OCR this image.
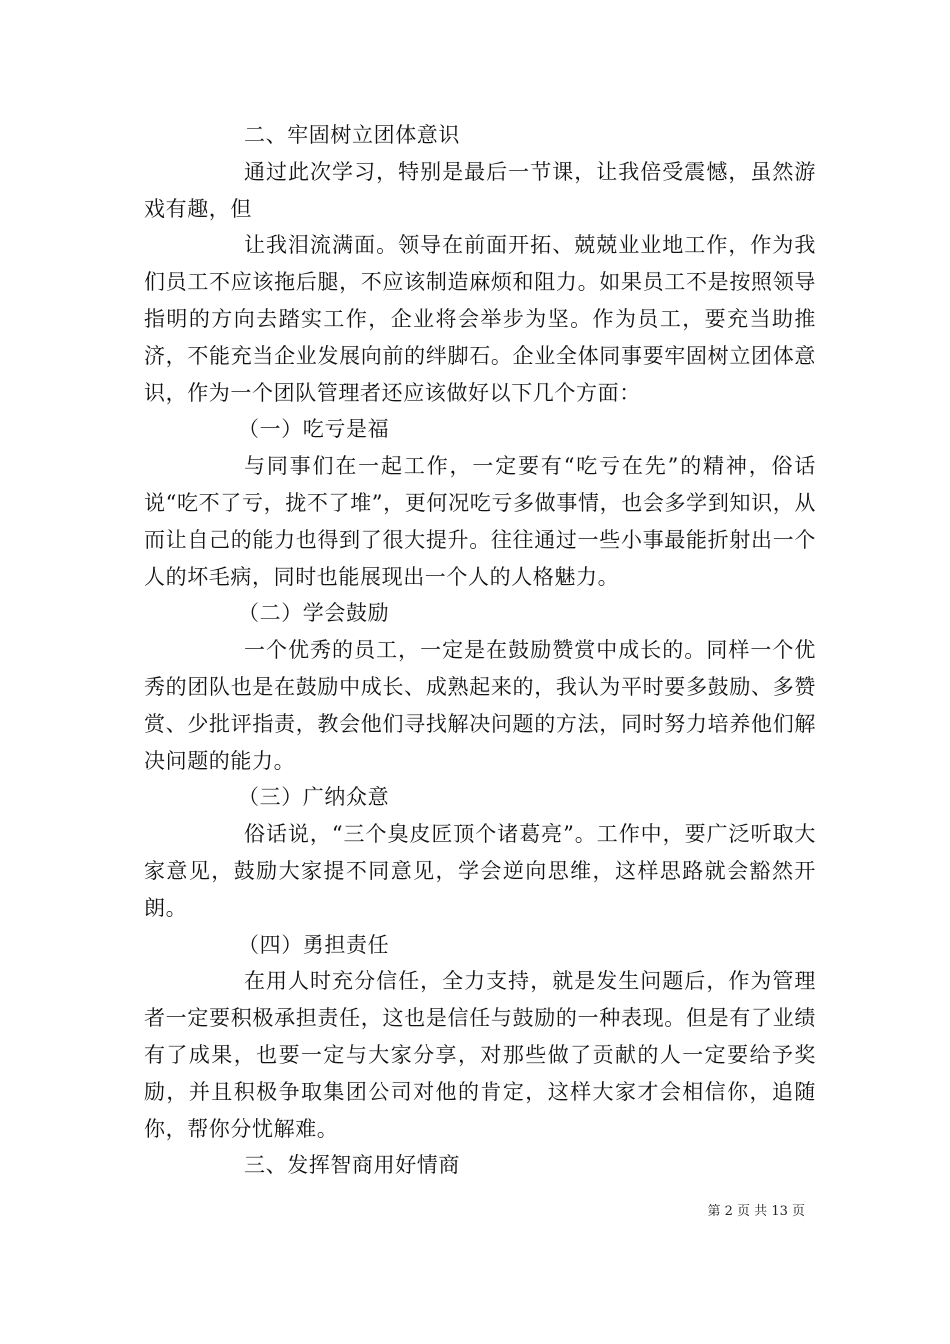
二、牢固树立团体意识

通过此次学习，特别是最后一节课，让我倍受震憾，虽然游戏有趣，但

让我泪流满面。领导在前面开拓、兢兢业业地工作，作为我们员工不应该拖后腿，不应该制造麻烦和阻力。如果员工不是按照领导指明的方向去踏实工作，企业将会举步为坚。作为员工，要充当助推济，不能充当企业发展向前的绊脚石。企业全体同事要牢固树立团体意识，作为一个团队管理者还应该做好以下几个方面：

（一）吃亏是福

与同事们在一起工作，一定要有“吃亏在先”的精神，俗话说“吃不了亏，拢不了堆”，更何况吃亏多做事情，也会多学到知识，从而让自己的能力也得到了很大提升。往往通过一些小事最能折射出一个人的坏毛病，同时也能展现出一个人的人格魅力。

（二）学会鼓励

一个优秀的员工，一定是在鼓励赞赏中成长的。同样一个优秀的团队也是在鼓励中成长、成熟起来的，我认为平时要多鼓励、多赞赏、少批评指责，教会他们寻找解决问题的方法，同时努力培养他们解决问题的能力。

（三）广纳众意

俗话说，“三个臭皮匠顶个诸葛亮”。工作中，要广泛听取大家意见，鼓励大家提不同意见，学会逆向思维，这样思路就会豁然开朗。

（四）勇担责任

在用人时充分信任，全力支持，就是发生问题后，作为管理者一定要积极承担责任，这也是信任与鼓励的一种表现。但是有了业绩有了成果，也要一定与大家分享，对那些做了贡献的人一定要给予奖励，并且积极争取集团公司对他的肯定，这样大家才会相信你，追随你，帮你分忧解难。

三、发挥智商用好情商

第 2 页 共 13 页
